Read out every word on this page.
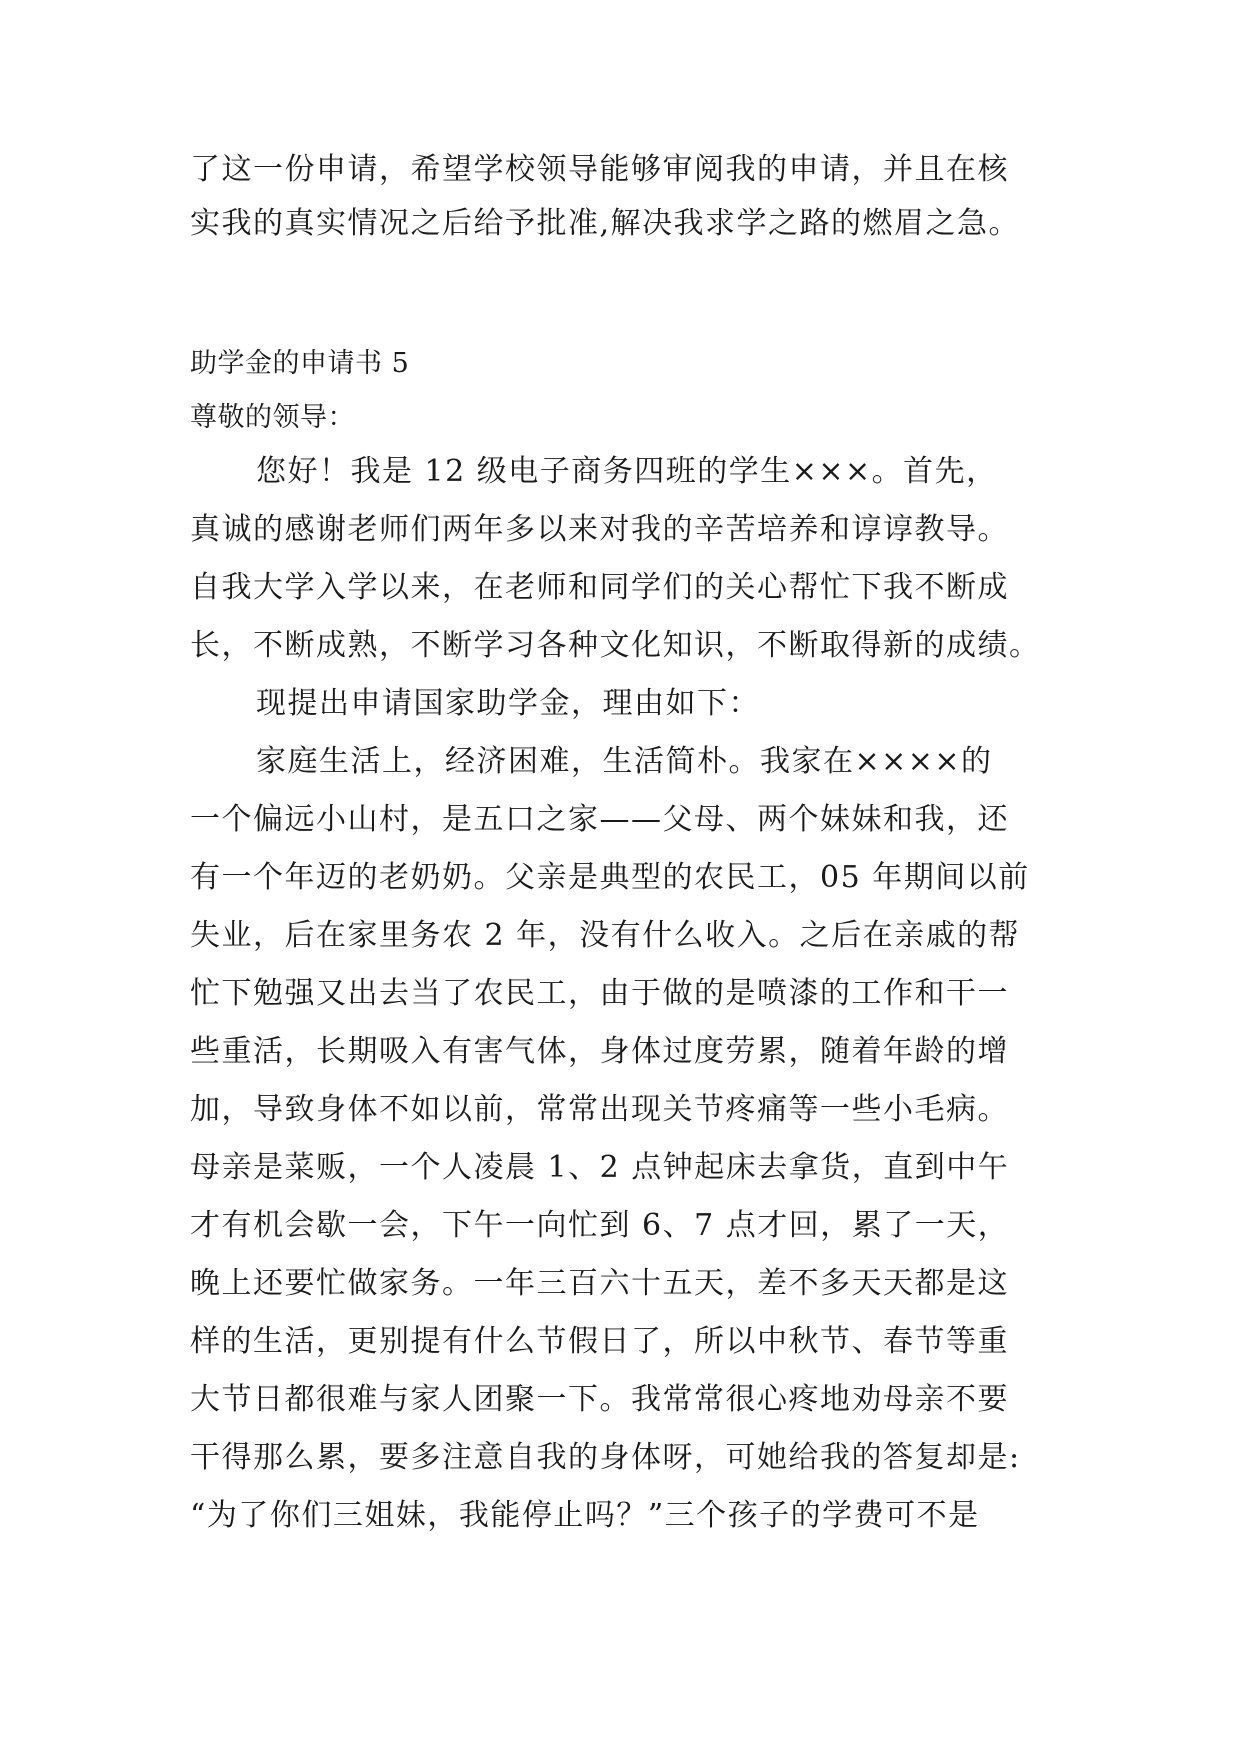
了这一份申请，希望学校领导能够审阅我的申请，并且在核
实我的真实情况之后给予批准,解决我求学之路的燃眉之急。
助学金的申请书 5
尊敬的领导：
您好！我是 12 级电子商务四班的学生×××。首先，
真诚的感谢老师们两年多以来对我的辛苦培养和谆谆教导。
自我大学入学以来，在老师和同学们的关心帮忙下我不断成
长，不断成熟，不断学习各种文化知识，不断取得新的成绩。
现提出申请国家助学金，理由如下：
家庭生活上，经济困难，生活简朴。我家在××××的
一个偏远小山村，是五口之家——父母、两个妹妹和我，还
有一个年迈的老奶奶。父亲是典型的农民工，05 年期间以前
失业，后在家里务农 2 年，没有什么收入。之后在亲戚的帮
忙下勉强又出去当了农民工，由于做的是喷漆的工作和干一
些重活，长期吸入有害气体，身体过度劳累，随着年龄的增
加，导致身体不如以前，常常出现关节疼痛等一些小毛病。
母亲是菜贩，一个人凌晨 1、2 点钟起床去拿货，直到中午
才有机会歇一会，下午一向忙到 6、7 点才回，累了一天，
晚上还要忙做家务。一年三百六十五天，差不多天天都是这
样的生活，更别提有什么节假日了，所以中秋节、春节等重
大节日都很难与家人团聚一下。我常常很心疼地劝母亲不要
干得那么累，要多注意自我的身体呀，可她给我的答复却是:
“为了你们三姐妹，我能停止吗？”三个孩子的学费可不是
